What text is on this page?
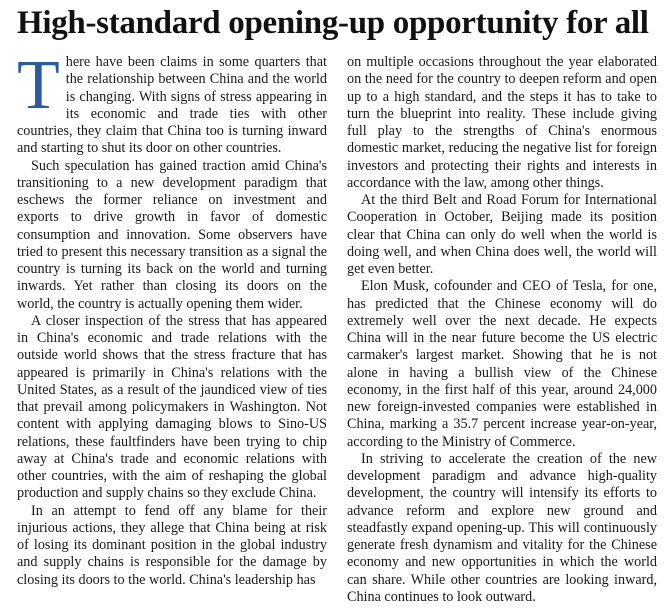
High-standard opening-up opportunity for all

There have been claims in some quarters that the relationship between China and the world is changing. With signs of stress appearing in its economic and trade ties with other countries, they claim that China too is turning inward and starting to shut its door on other countries.

Such speculation has gained traction amid China's transitioning to a new development paradigm that eschews the former reliance on investment and exports to drive growth in favor of domestic consumption and innovation. Some observers have tried to present this necessary transition as a signal the country is turning its back on the world and turning inwards. Yet rather than closing its doors on the world, the country is actually opening them wider.

A closer inspection of the stress that has appeared in China's economic and trade relations with the outside world shows that the stress fracture that has appeared is primarily in China's relations with the United States, as a result of the jaundiced view of ties that prevail among policymakers in Washington. Not content with applying damaging blows to Sino-US relations, these faultfinders have been trying to chip away at China's trade and economic relations with other countries, with the aim of reshaping the global production and supply chains so they exclude China.

In an attempt to fend off any blame for their injurious actions, they allege that China being at risk of losing its dominant position in the global industry and supply chains is responsible for the damage by closing its doors to the world. China's leadership has

on multiple occasions throughout the year elaborated on the need for the country to deepen reform and open up to a high standard, and the steps it has to take to turn the blueprint into reality. These include giving full play to the strengths of China's enormous domestic market, reducing the negative list for foreign investors and protecting their rights and interests in accordance with the law, among other things.

At the third Belt and Road Forum for International Cooperation in October, Beijing made its position clear that China can only do well when the world is doing well, and when China does well, the world will get even better.

Elon Musk, cofounder and CEO of Tesla, for one, has predicted that the Chinese economy will do extremely well over the next decade. He expects China will in the near future become the US electric carmaker's largest market. Showing that he is not alone in having a bullish view of the Chinese economy, in the first half of this year, around 24,000 new foreign-invested companies were established in China, marking a 35.7 percent increase year-on-year, according to the Ministry of Commerce.

In striving to accelerate the creation of the new development paradigm and advance high-quality development, the country will intensify its efforts to advance reform and explore new ground and steadfastly expand opening-up. This will continuously generate fresh dynamism and vitality for the Chinese economy and new opportunities in which the world can share. While other countries are looking inward, China continues to look outward.
